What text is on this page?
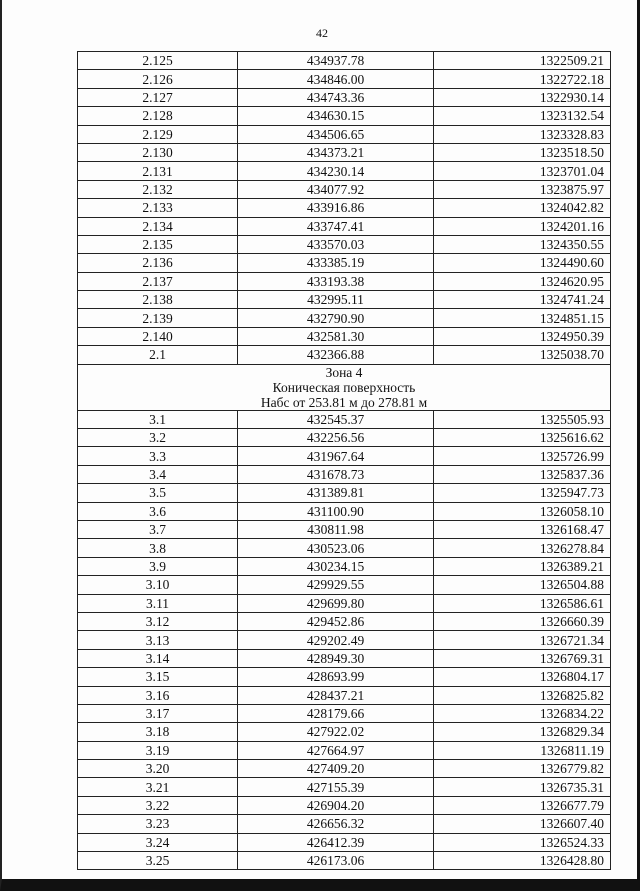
42
2.125	434937.78	1322509.21
2.126	434846.00	1322722.18
2.127	434743.36	1322930.14
2.128	434630.15	1323132.54
2.129	434506.65	1323328.83
2.130	434373.21	1323518.50
2.131	434230.14	1323701.04
2.132	434077.92	1323875.97
2.133	433916.86	1324042.82
2.134	433747.41	1324201.16
2.135	433570.03	1324350.55
2.136	433385.19	1324490.60
2.137	433193.38	1324620.95
2.138	432995.11	1324741.24
2.139	432790.90	1324851.15
2.140	432581.30	1324950.39
2.1	432366.88	1325038.70

Зона 4
Коническая поверхность
Набс от 253.81 м до 278.81 м		

3.1	432545.37	1325505.93
3.2	432256.56	1325616.62
3.3	431967.64	1325726.99
3.4	431678.73	1325837.36
3.5	431389.81	1325947.73
3.6	431100.90	1326058.10
3.7	430811.98	1326168.47
3.8	430523.06	1326278.84
3.9	430234.15	1326389.21
3.10	429929.55	1326504.88
3.11	429699.80	1326586.61
3.12	429452.86	1326660.39
3.13	429202.49	1326721.34
3.14	428949.30	1326769.31
3.15	428693.99	1326804.17
3.16	428437.21	1326825.82
3.17	428179.66	1326834.22
3.18	427922.02	1326829.34
3.19	427664.97	1326811.19
3.20	427409.20	1326779.82
3.21	427155.39	1326735.31
3.22	426904.20	1326677.79
3.23	426656.32	1326607.40
3.24	426412.39	1326524.33
3.25	426173.06	1326428.80
